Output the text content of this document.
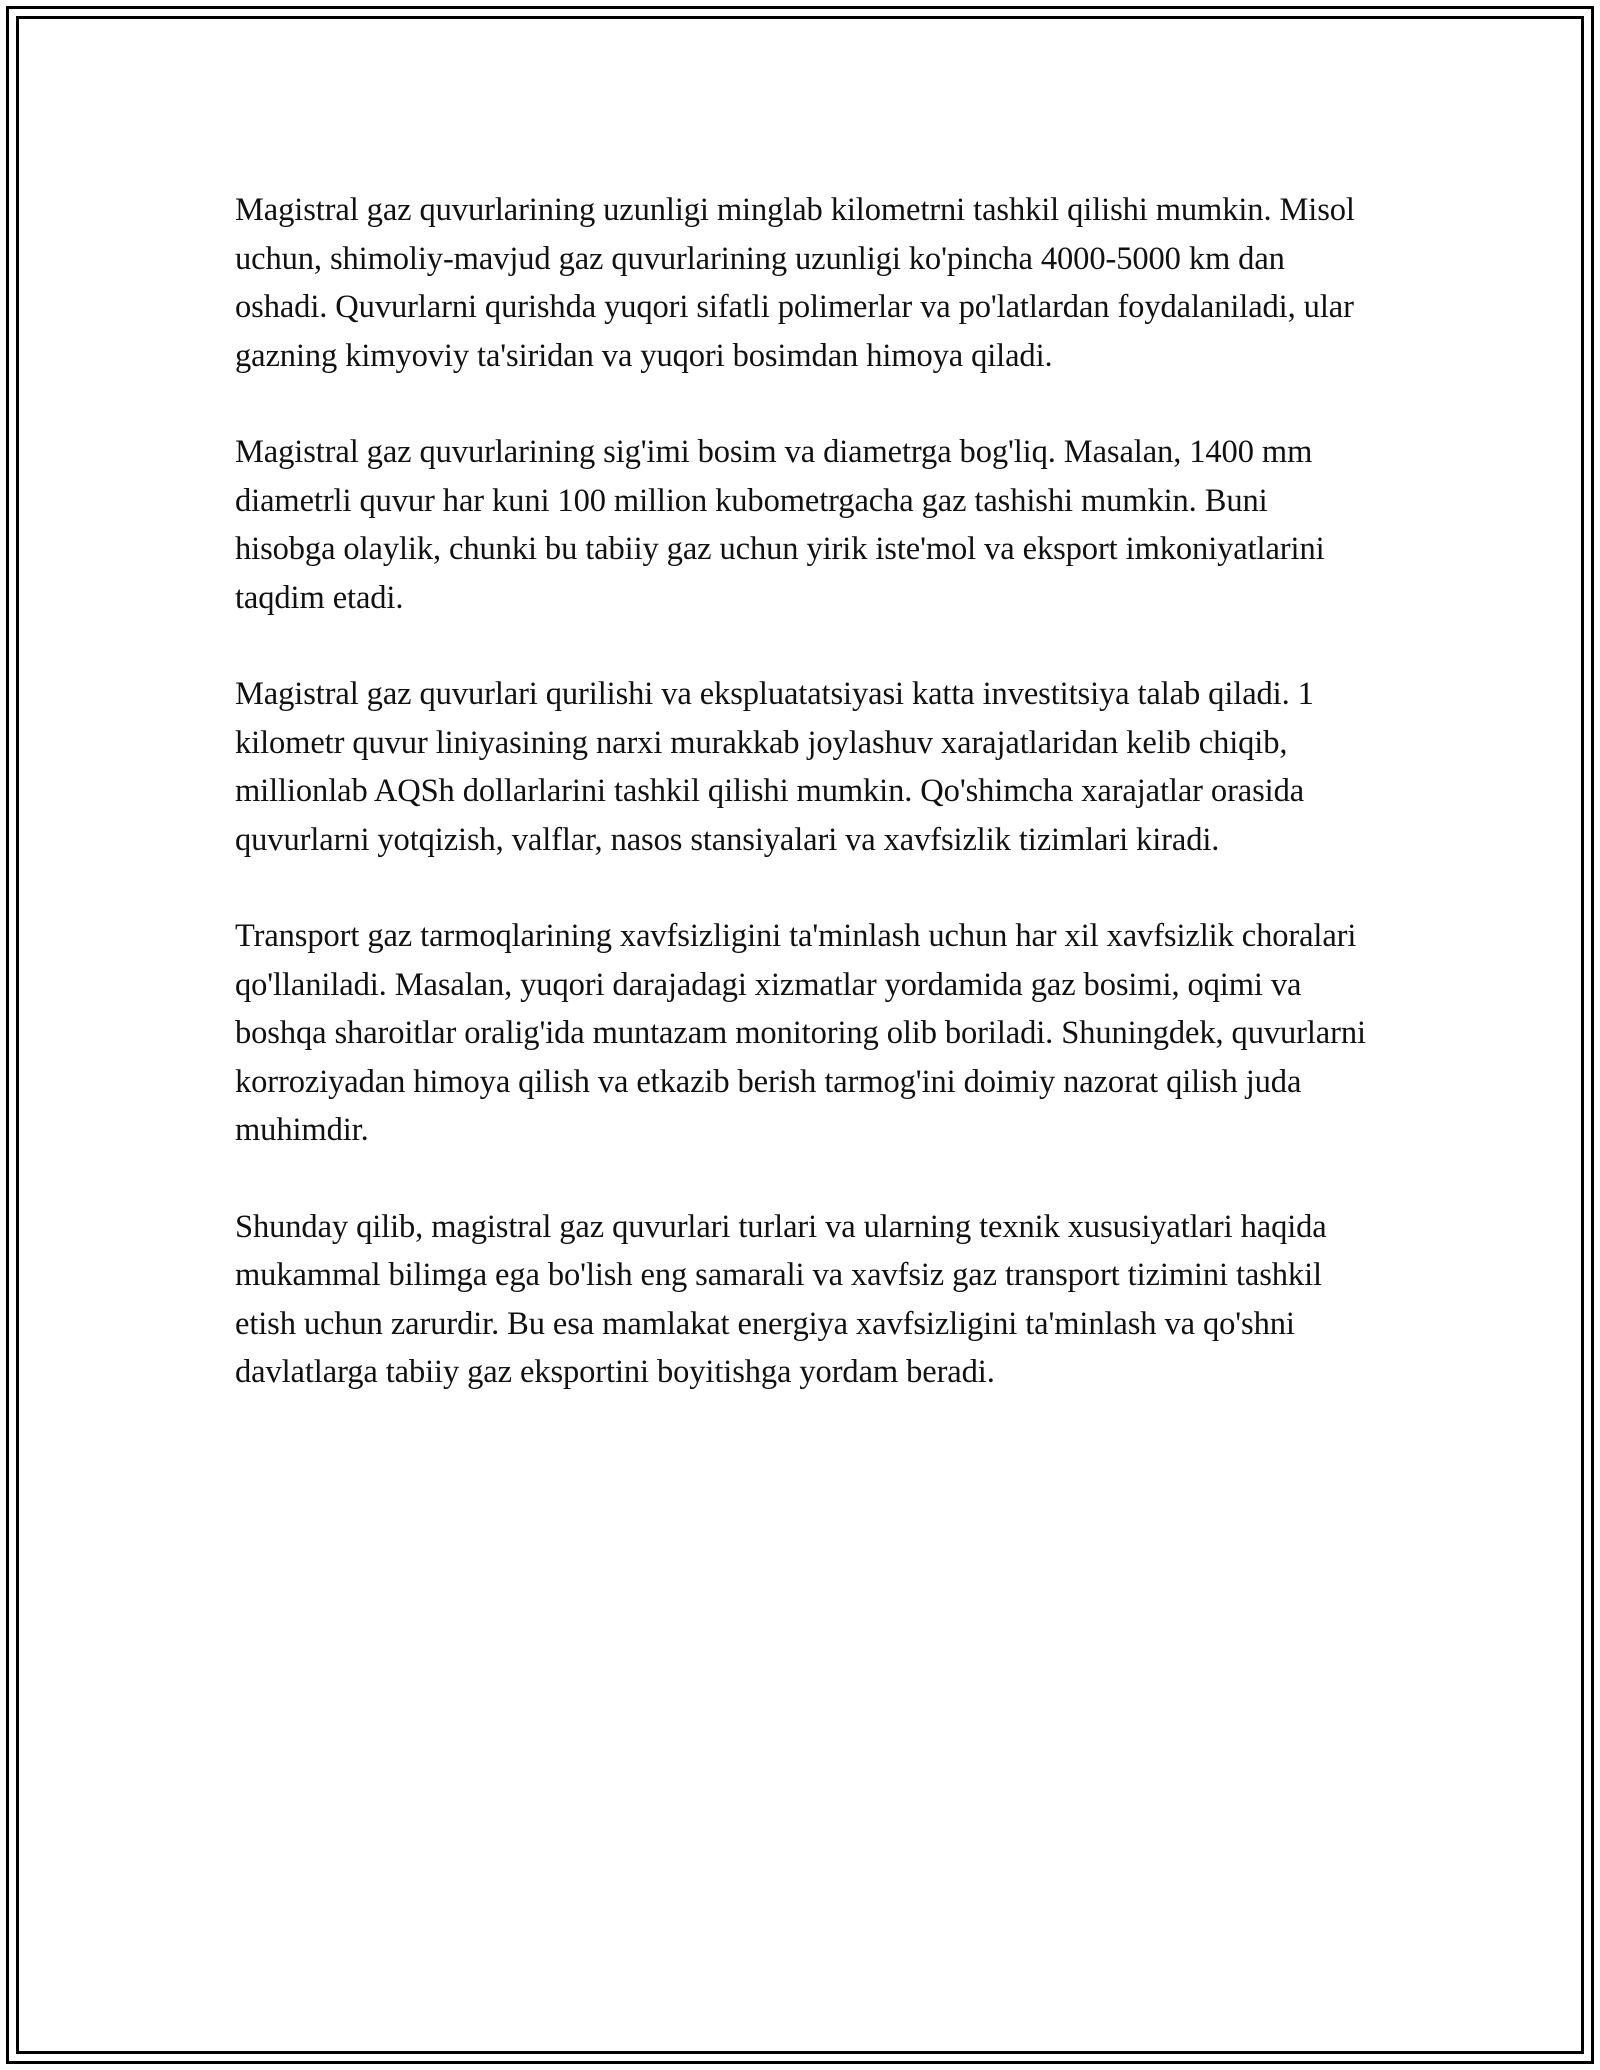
Magistral gaz quvurlarining uzunligi minglab kilometrni tashkil qilishi mumkin. Misol uchun, shimoliy-mavjud gaz quvurlarining uzunligi ko'pincha 4000-5000 km dan oshadi. Quvurlarni qurishda yuqori sifatli polimerlar va po'latlardan foydalaniladi, ular gazning kimyoviy ta'siridan va yuqori bosimdan himoya qiladi.

Magistral gaz quvurlarining sig'imi bosim va diametrga bog'liq. Masalan, 1400 mm diametrli quvur har kuni 100 million kubometrgacha gaz tashishi mumkin. Buni hisobga olaylik, chunki bu tabiiy gaz uchun yirik iste'mol va eksport imkoniyatlarini taqdim etadi.

Magistral gaz quvurlari qurilishi va ekspluatatsiyasi katta investitsiya talab qiladi. 1 kilometr quvur liniyasining narxi murakkab joylashuv xarajatlaridan kelib chiqib, millionlab AQSh dollarlarini tashkil qilishi mumkin. Qo'shimcha xarajatlar orasida quvurlarni yotqizish, valflar, nasos stansiyalari va xavfsizlik tizimlari kiradi.

Transport gaz tarmoqlarining xavfsizligini ta'minlash uchun har xil xavfsizlik choralari qo'llaniladi. Masalan, yuqori darajadagi xizmatlar yordamida gaz bosimi, oqimi va boshqa sharoitlar oralig'ida muntazam monitoring olib boriladi. Shuningdek, quvurlarni korroziyadan himoya qilish va etkazib berish tarmog'ini doimiy nazorat qilish juda muhimdir.

Shunday qilib, magistral gaz quvurlari turlari va ularning texnik xususiyatlari haqida mukammal bilimga ega bo'lish eng samarali va xavfsiz gaz transport tizimini tashkil etish uchun zarurdir. Bu esa mamlakat energiya xavfsizligini ta'minlash va qo'shni davlatlarga tabiiy gaz eksportini boyitishga yordam beradi.
